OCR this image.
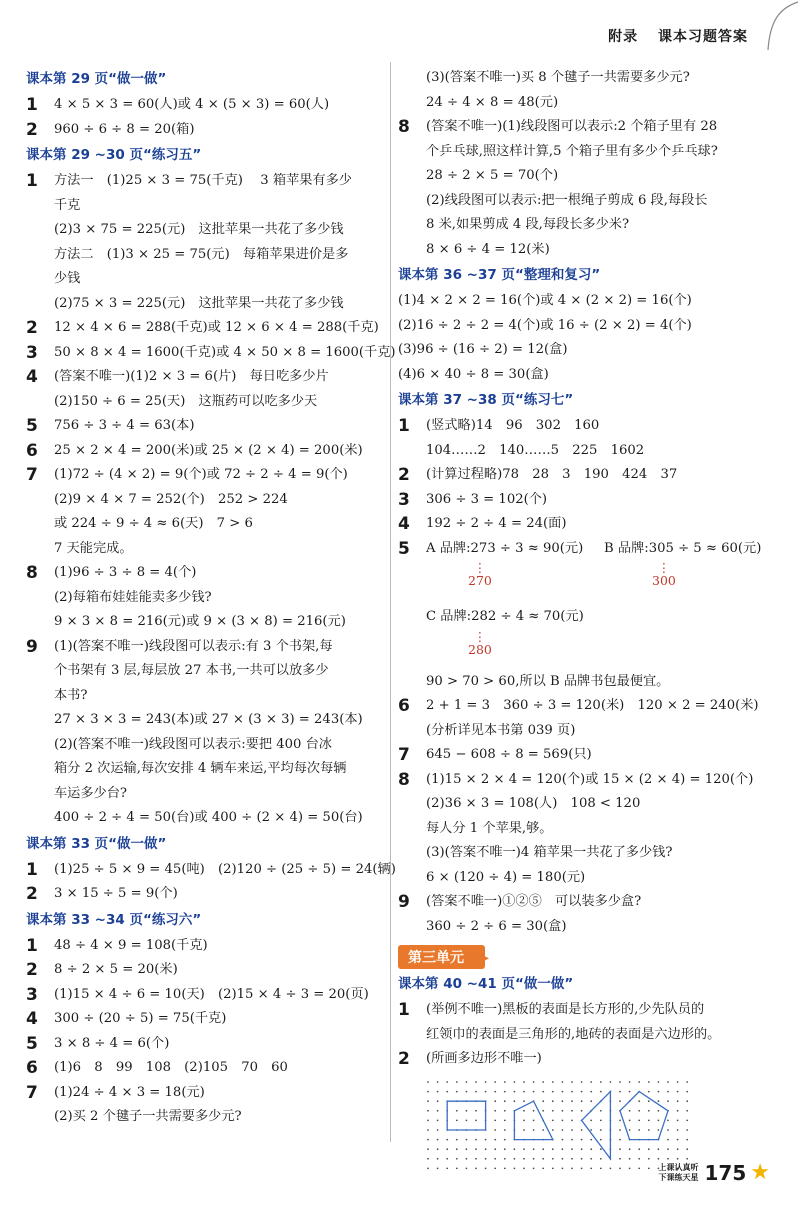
附录 课本习题答案
课本第 29 页“做一做”
1	4 × 5 × 3 = 60(人)或 4 × (5 × 3) = 60(人)
2	960 ÷ 6 ÷ 8 = 20(箱)
课本第 29 ~30 页“练习五”
1	方法一　(1)25 × 3 = 75(千克)　 3 箱苹果有多少
千克
(2)3 × 75 = 225(元)　这批苹果一共花了多少钱
方法二　(1)3 × 25 = 75(元)　每箱苹果进价是多
少钱
(2)75 × 3 = 225(元)　这批苹果一共花了多少钱
2	12 × 4 × 6 = 288(千克)或 12 × 6 × 4 = 288(千克)
3	50 × 8 × 4 = 1600(千克)或 4 × 50 × 8 = 1600(千克)
4	(答案不唯一)(1)2 × 3 = 6(片)　每日吃多少片
(2)150 ÷ 6 = 25(天)　这瓶药可以吃多少天
5	756 ÷ 3 ÷ 4 = 63(本)
6	25 × 2 × 4 = 200(米)或 25 × (2 × 4) = 200(米)
7	(1)72 ÷ (4 × 2) = 9(个)或 72 ÷ 2 ÷ 4 = 9(个)
(2)9 × 4 × 7 = 252(个)　252 > 224
或 224 ÷ 9 ÷ 4 ≈ 6(天)　7 > 6
7 天能完成。
8	(1)96 ÷ 3 ÷ 8 = 4(个)
(2)每箱布娃娃能卖多少钱?
9 × 3 × 8 = 216(元)或 9 × (3 × 8) = 216(元)
9	(1)(答案不唯一)线段图可以表示:有 3 个书架,每
个书架有 3 层,每层放 27 本书,一共可以放多少
本书?
27 × 3 × 3 = 243(本)或 27 × (3 × 3) = 243(本)
(2)(答案不唯一)线段图可以表示:要把 400 台冰
箱分 2 次运输,每次安排 4 辆车来运,平均每次每辆
车运多少台?
400 ÷ 2 ÷ 4 = 50(台)或 400 ÷ (2 × 4) = 50(台)
课本第 33 页“做一做”
1	(1)25 ÷ 5 × 9 = 45(吨)　(2)120 ÷ (25 ÷ 5) = 24(辆)
2	3 × 15 ÷ 5 = 9(个)
课本第 33 ~34 页“练习六”
1	48 ÷ 4 × 9 = 108(千克)
2	8 ÷ 2 × 5 = 20(米)
3	(1)15 × 4 ÷ 6 = 10(天)　(2)15 × 4 ÷ 3 = 20(页)
4	300 ÷ (20 ÷ 5) = 75(千克)
5	3 × 8 ÷ 4 = 6(个)
6	(1)6　8　99　108　(2)105　70　60
7	(1)24 ÷ 4 × 3 = 18(元)
(2)买 2 个毽子一共需要多少元?
(3)(答案不唯一)买 8 个毽子一共需要多少元?
24 ÷ 4 × 8 = 48(元)
8	(答案不唯一)(1)线段图可以表示:2 个箱子里有 28
个乒乓球,照这样计算,5 个箱子里有多少个乒乓球?
28 ÷ 2 × 5 = 70(个)
(2)线段图可以表示:把一根绳子剪成 6 段,每段长
8 米,如果剪成 4 段,每段长多少米?
8 × 6 ÷ 4 = 12(米)
课本第 36 ~37 页“整理和复习”
(1)4 × 2 × 2 = 16(个)或 4 × (2 × 2) = 16(个)
(2)16 ÷ 2 ÷ 2 = 4(个)或 16 ÷ (2 × 2) = 4(个)
(3)96 ÷ (16 ÷ 2) = 12(盒)
(4)6 × 40 ÷ 8 = 30(盒)
课本第 37 ~38 页“练习七”
1	(竖式略)14　96　302　160
104……2　140……5　225　1602
2	(计算过程略)78　28　3　190　424　37
3	306 ÷ 3 = 102(个)
4	192 ÷ 2 ÷ 4 = 24(面)
5	A 品牌:273 ÷ 3 ≈ 90(元)	B 品牌:305 ÷ 5 ≈ 60(元)
⋮
270
⋮
300
C 品牌:282 ÷ 4 ≈ 70(元)
⋮
280
90 > 70 > 60,所以 B 品牌书包最便宜。
6	2 + 1 = 3　360 ÷ 3 = 120(米)　120 × 2 = 240(米)
(分析详见本书第 039 页)
7	645 − 608 ÷ 8 = 569(只)
8	(1)15 × 2 × 4 = 120(个)或 15 × (2 × 4) = 120(个)
(2)36 × 3 = 108(人)　108 < 120
每人分 1 个苹果,够。
(3)(答案不唯一)4 箱苹果一共花了多少钱?
6 × (120 ÷ 4) = 180(元)
9	(答案不唯一)①②⑤　可以装多少盒?
360 ÷ 2 ÷ 6 = 30(盒)
第三单元 ▸
课本第 40 ~41 页“做一做”
1	(举例不唯一)黑板的表面是长方形的,少先队员的
红领巾的表面是三角形的,地砖的表面是六边形的。
2	(所画多边形不唯一)
上课认真听
下课练天星 175 ★
